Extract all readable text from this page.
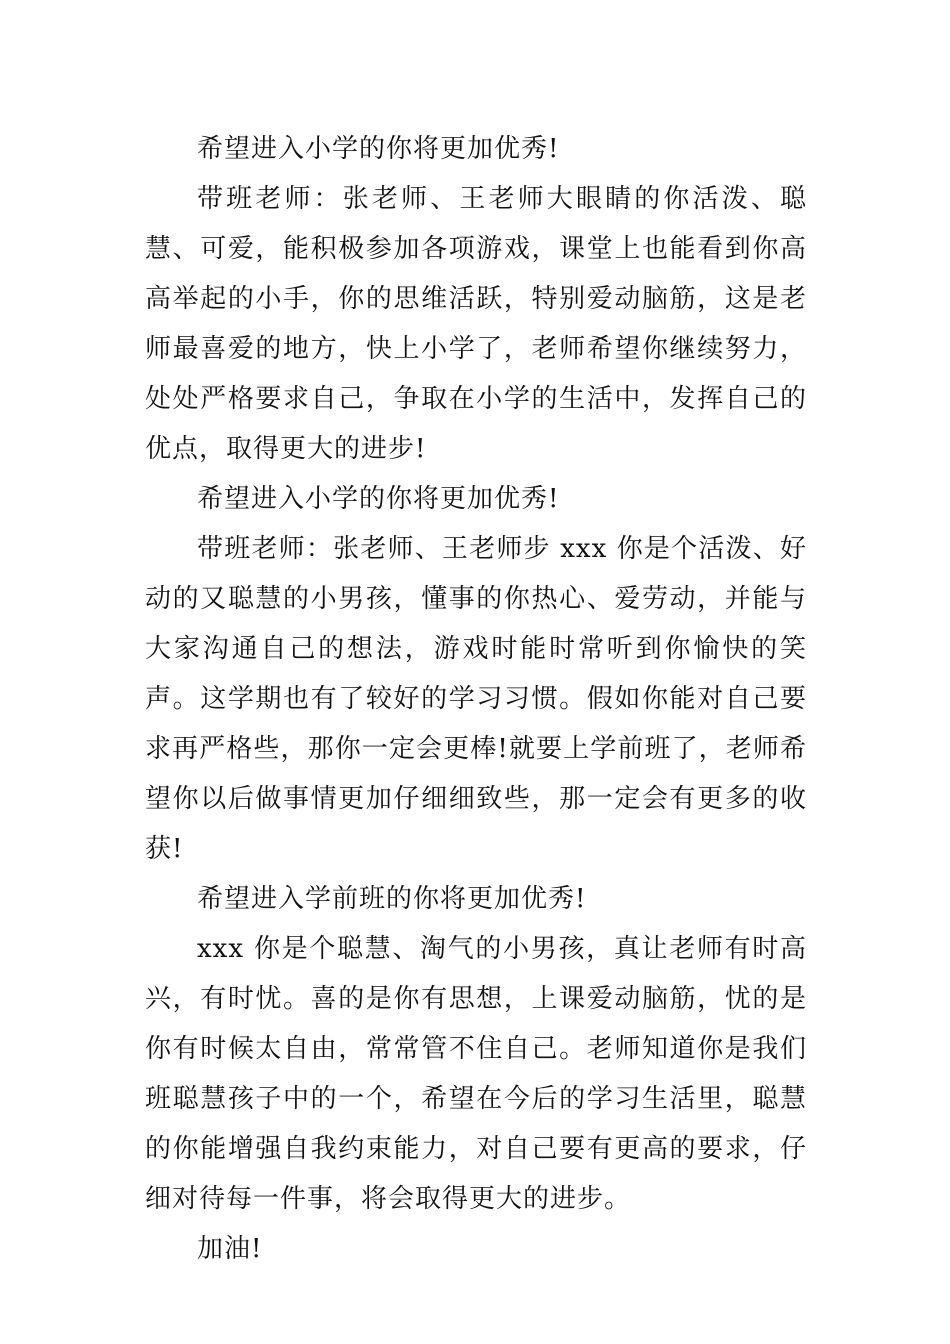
希望进入小学的你将更加优秀!

带班老师：张老师、王老师大眼睛的你活泼、聪慧、可爱，能积极参加各项游戏，课堂上也能看到你高高举起的小手，你的思维活跃，特别爱动脑筋，这是老师最喜爱的地方，快上小学了，老师希望你继续努力，处处严格要求自己，争取在小学的生活中，发挥自己的优点，取得更大的进步!

希望进入小学的你将更加优秀!

带班老师：张老师、王老师步 xxx 你是个活泼、好动的又聪慧的小男孩，懂事的你热心、爱劳动，并能与大家沟通自己的想法，游戏时能时常听到你愉快的笑声。这学期也有了较好的学习习惯。假如你能对自己要求再严格些，那你一定会更棒!就要上学前班了，老师希望你以后做事情更加仔细细致些，那一定会有更多的收获!

希望进入学前班的你将更加优秀!

xxx 你是个聪慧、淘气的小男孩，真让老师有时高兴，有时忧。喜的是你有思想，上课爱动脑筋，忧的是你有时候太自由，常常管不住自己。老师知道你是我们班聪慧孩子中的一个，希望在今后的学习生活里，聪慧的你能增强自我约束能力，对自己要有更高的要求，仔细对待每一件事，将会取得更大的进步。

加油!
